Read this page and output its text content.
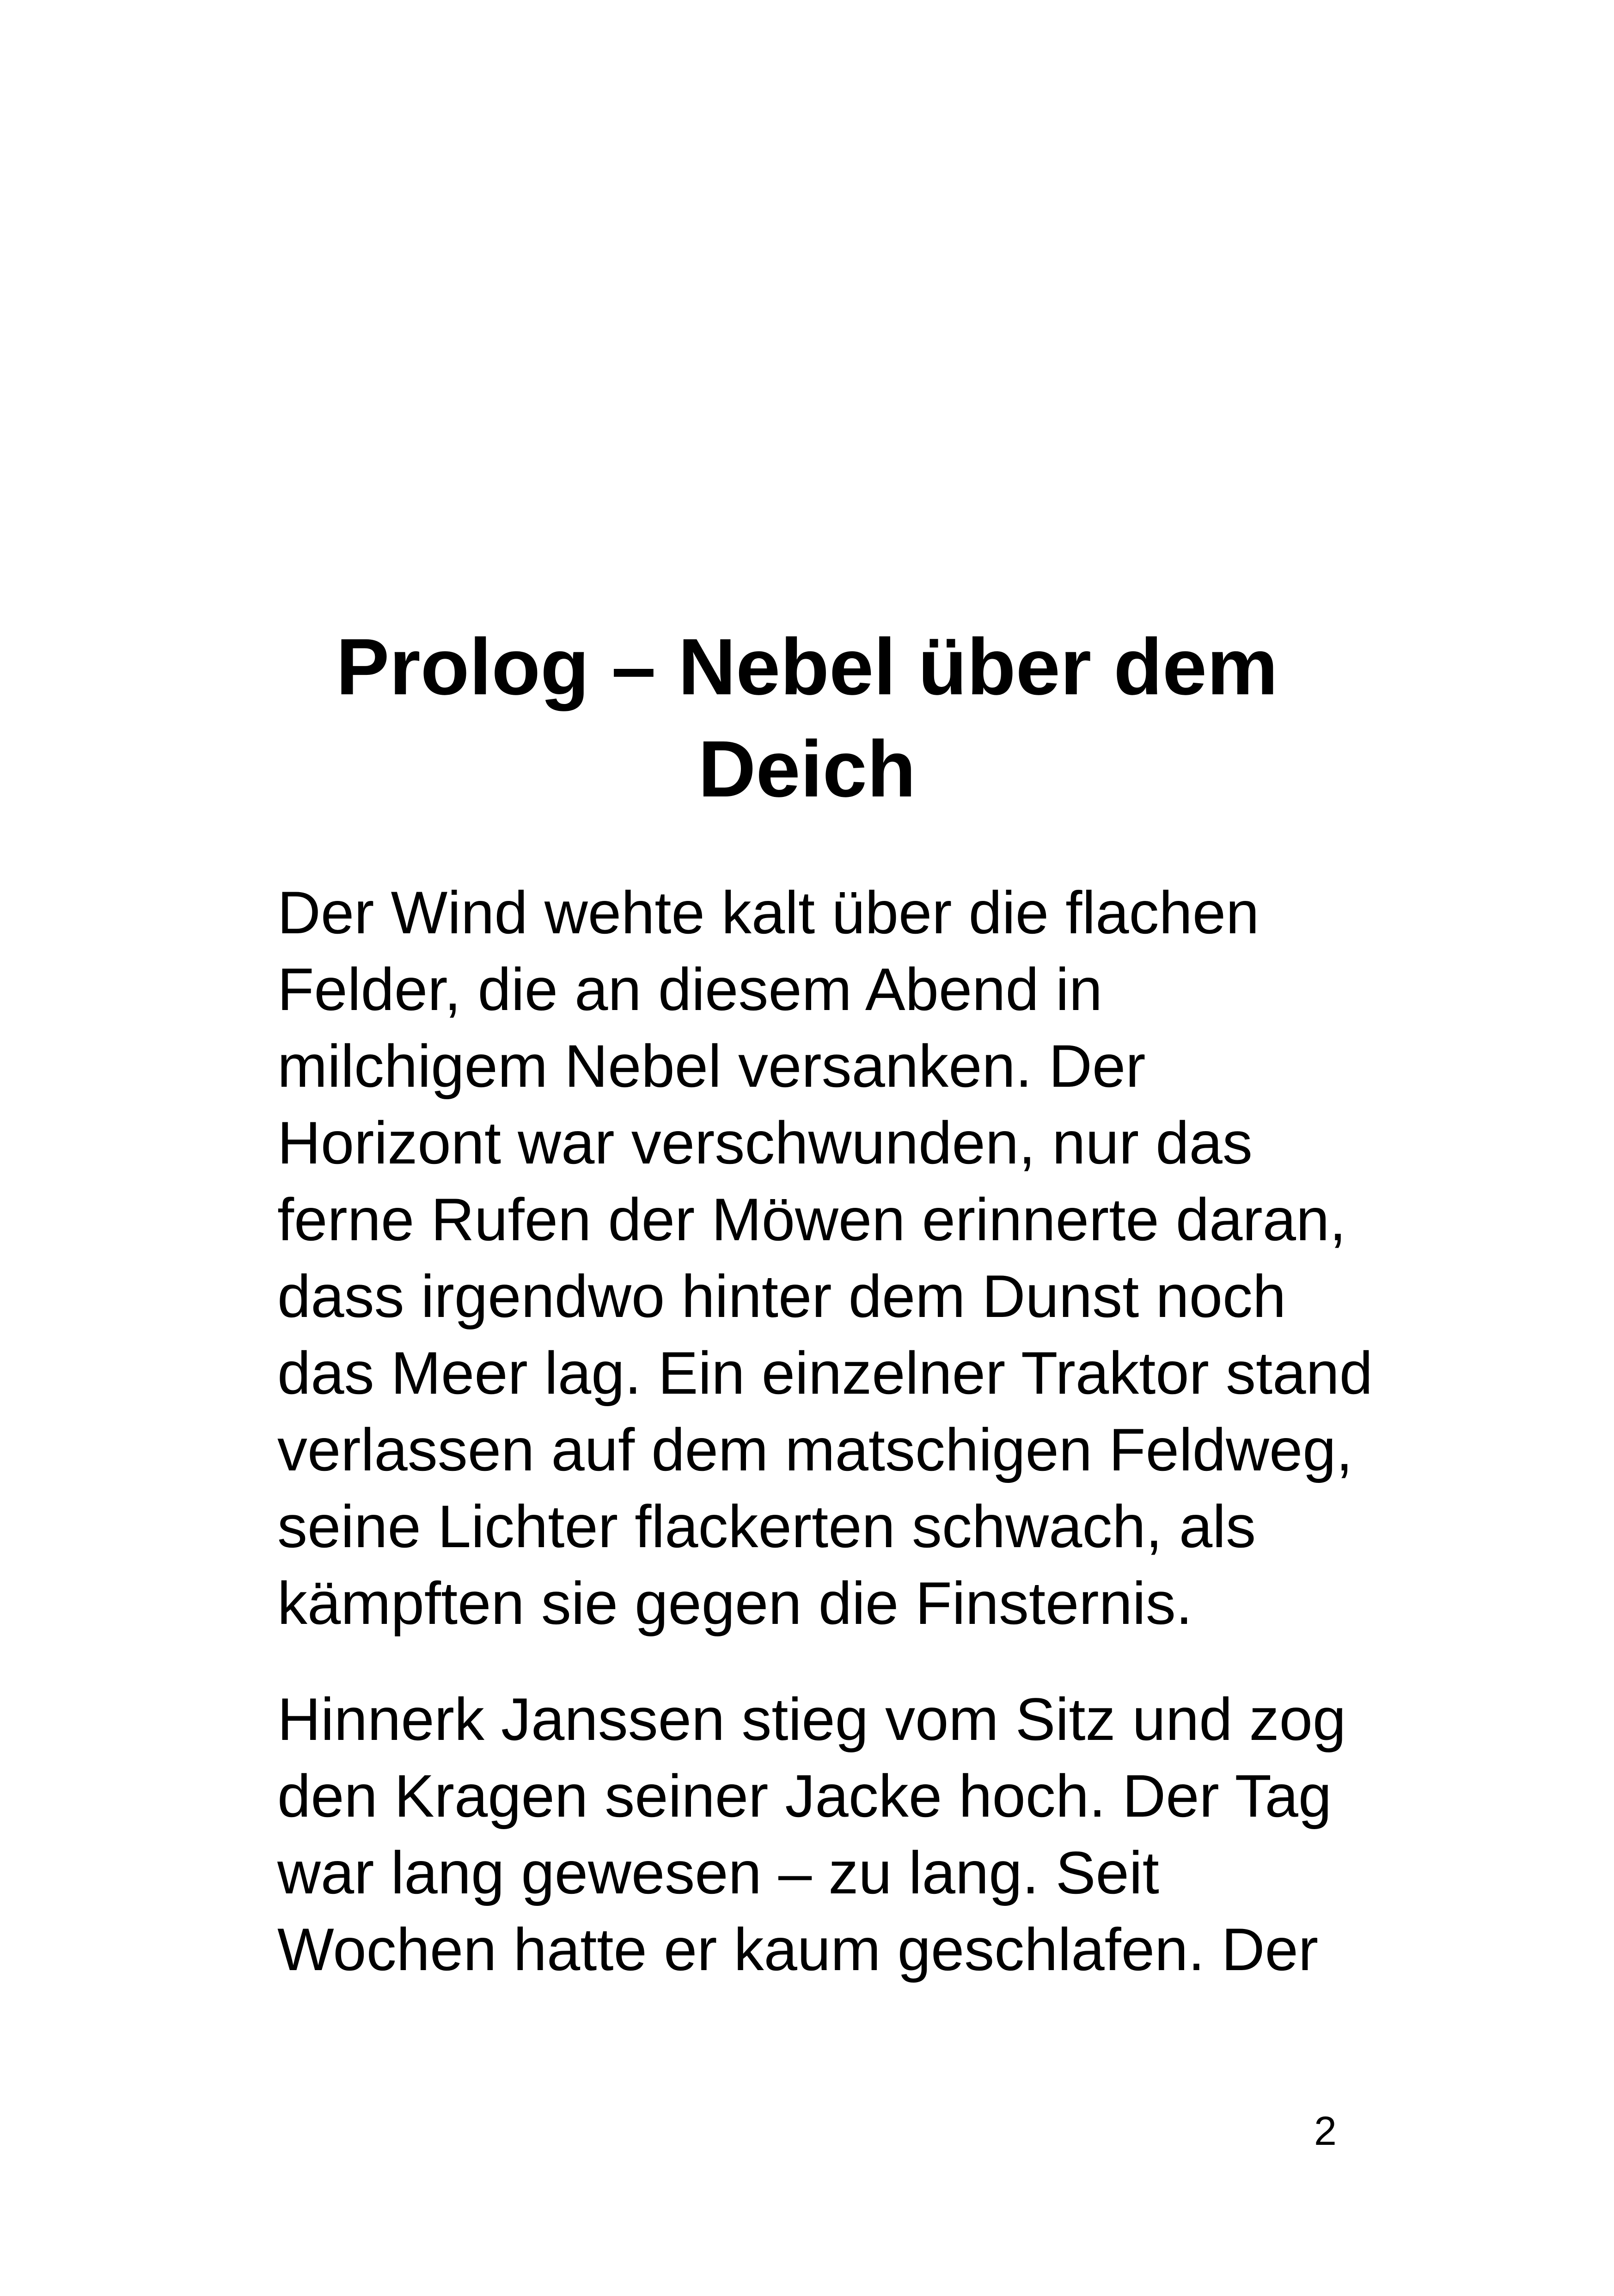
Prolog – Nebel über dem
Deich

Der Wind wehte kalt über die flachen
Felder, die an diesem Abend in
milchigem Nebel versanken. Der
Horizont war verschwunden, nur das
ferne Rufen der Möwen erinnerte daran,
dass irgendwo hinter dem Dunst noch
das Meer lag. Ein einzelner Traktor stand
verlassen auf dem matschigen Feldweg,
seine Lichter flackerten schwach, als
kämpften sie gegen die Finsternis.

Hinnerk Janssen stieg vom Sitz und zog
den Kragen seiner Jacke hoch. Der Tag
war lang gewesen – zu lang. Seit
Wochen hatte er kaum geschlafen. Der

2
